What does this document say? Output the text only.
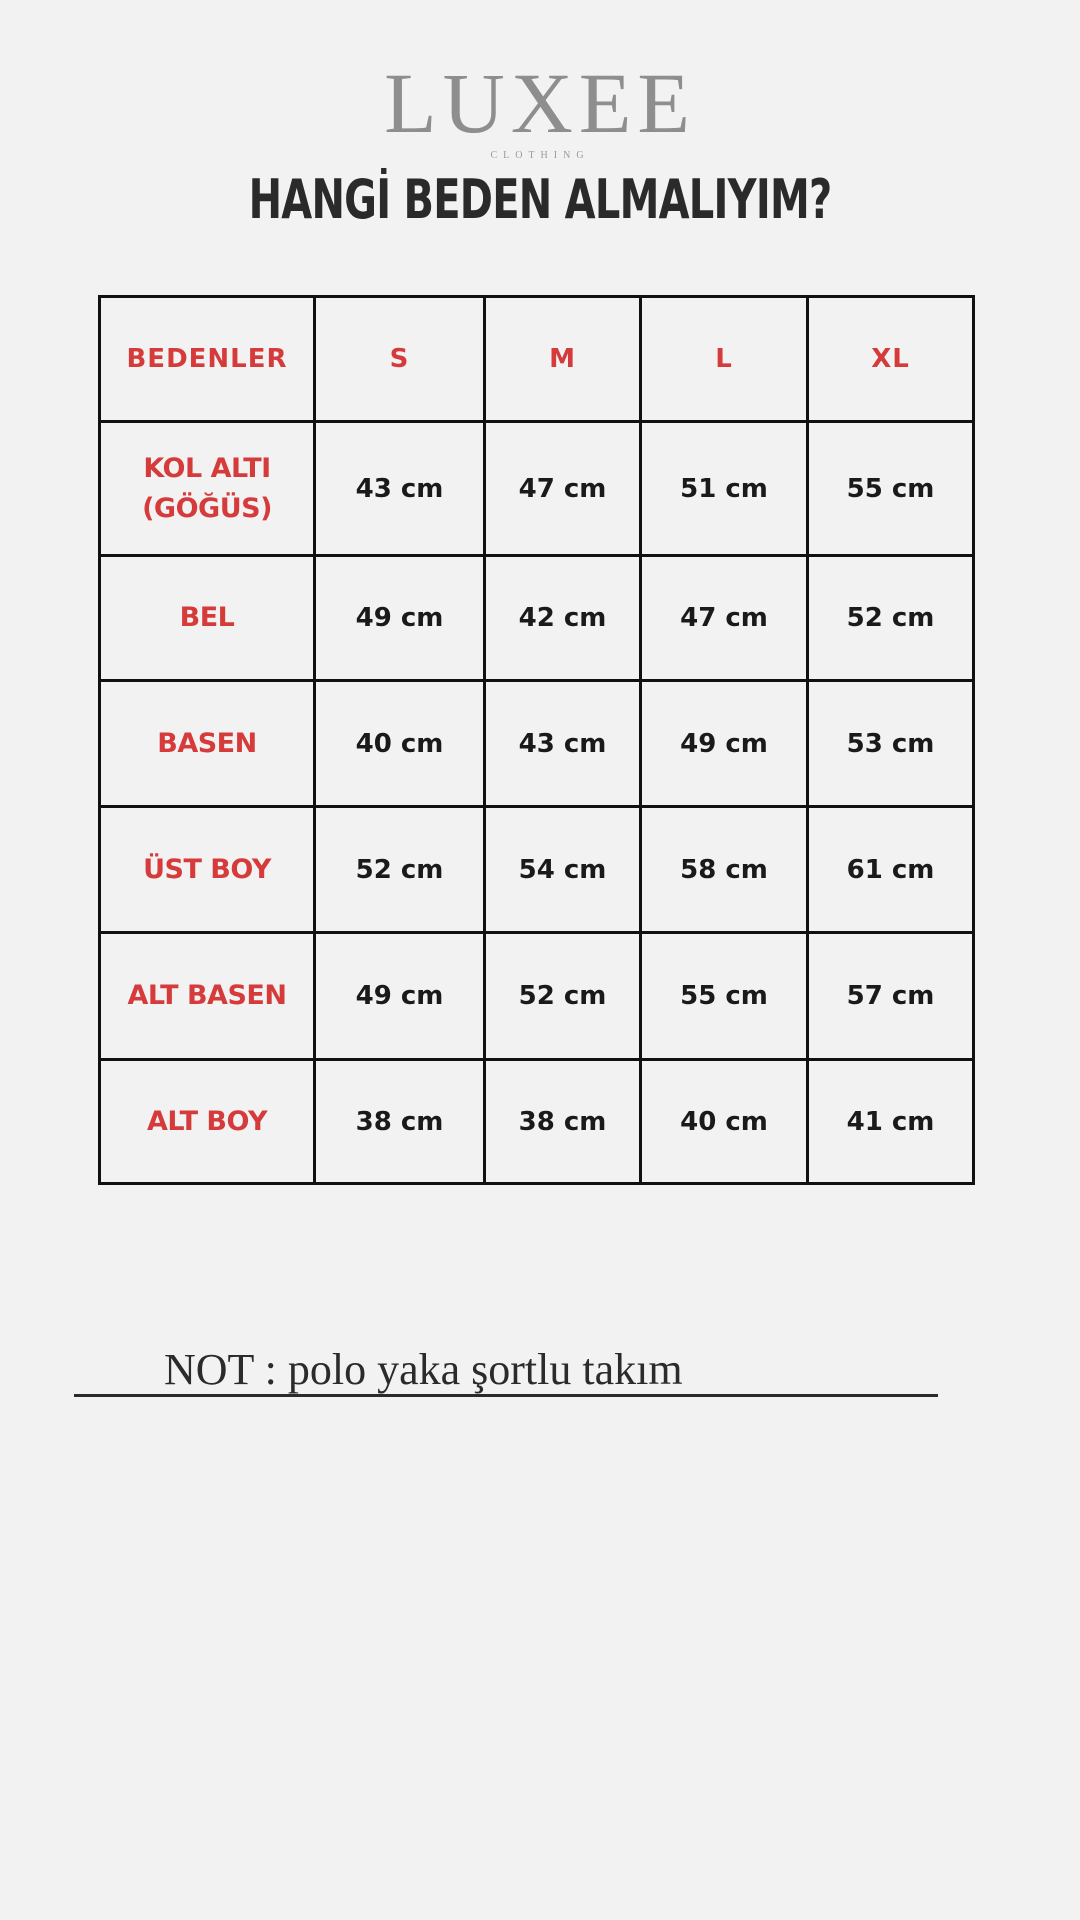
LUXEE
CLOTHING
HANGİ BEDEN ALMALIYIM?
BEDENLER	S	M	L	XL
KOL ALTI
(GÖĞÜS)	43 cm	47 cm	51 cm	55 cm
BEL	49 cm	42 cm	47 cm	52 cm
BASEN	40 cm	43 cm	49 cm	53 cm
ÜST BOY	52 cm	54 cm	58 cm	61 cm
ALT BASEN	49 cm	52 cm	55 cm	57 cm
ALT BOY	38 cm	38 cm	40 cm	41 cm
NOT : polo yaka şortlu takım
